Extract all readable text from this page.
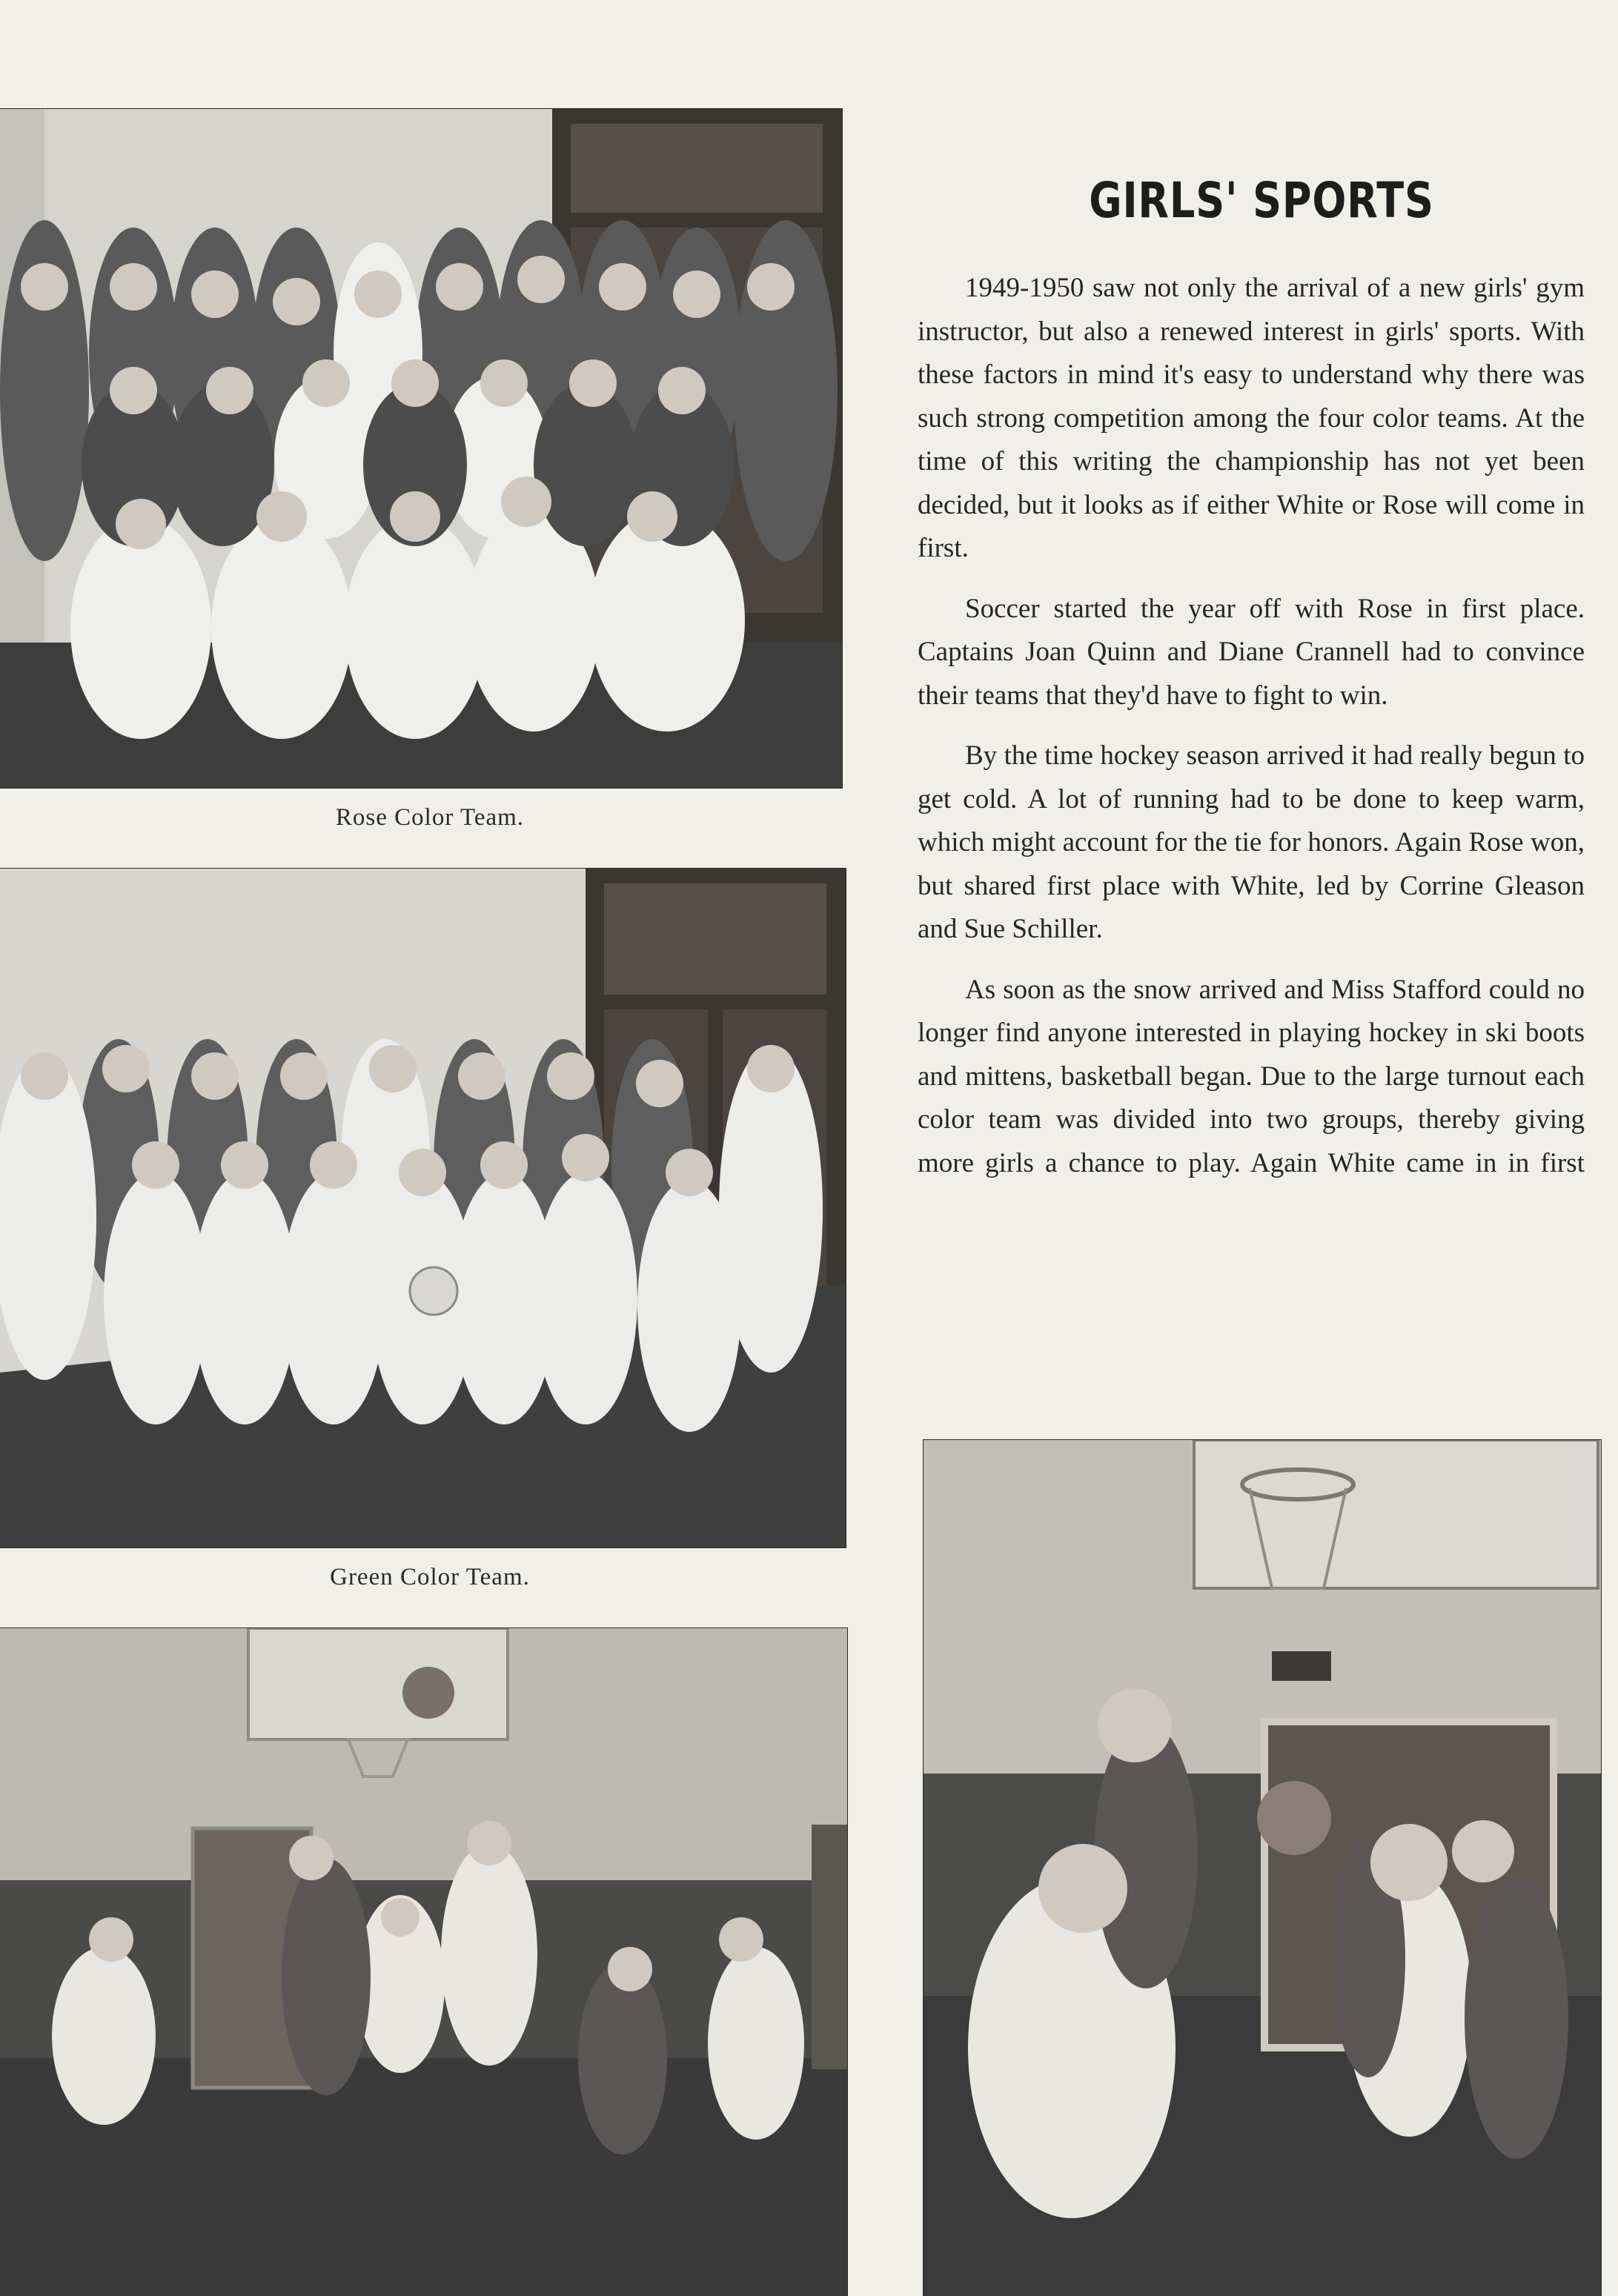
Rose Color Team.
Green Color Team.
GIRLS' SPORTS

1949-1950 saw not only the arrival of a new girls' gym instructor, but also a renewed interest in girls' sports. With these factors in mind it's easy to understand why there was such strong competition among the four color teams. At the time of this writing the championship has not yet been decided, but it looks as if either White or Rose will come in first.

Soccer started the year off with Rose in first place. Captains Joan Quinn and Diane Crannell had to convince their teams that they'd have to fight to win.

By the time hockey season arrived it had really begun to get cold. A lot of running had to be done to keep warm, which might account for the tie for honors. Again Rose won, but shared first place with White, led by Corrine Gleason and Sue Schiller.

As soon as the snow arrived and Miss Stafford could no longer find anyone interested in playing hockey in ski boots and mittens, basketball began. Due to the large turnout each color team was divided into two groups, thereby giving more girls a chance to play. Again White came in in first
